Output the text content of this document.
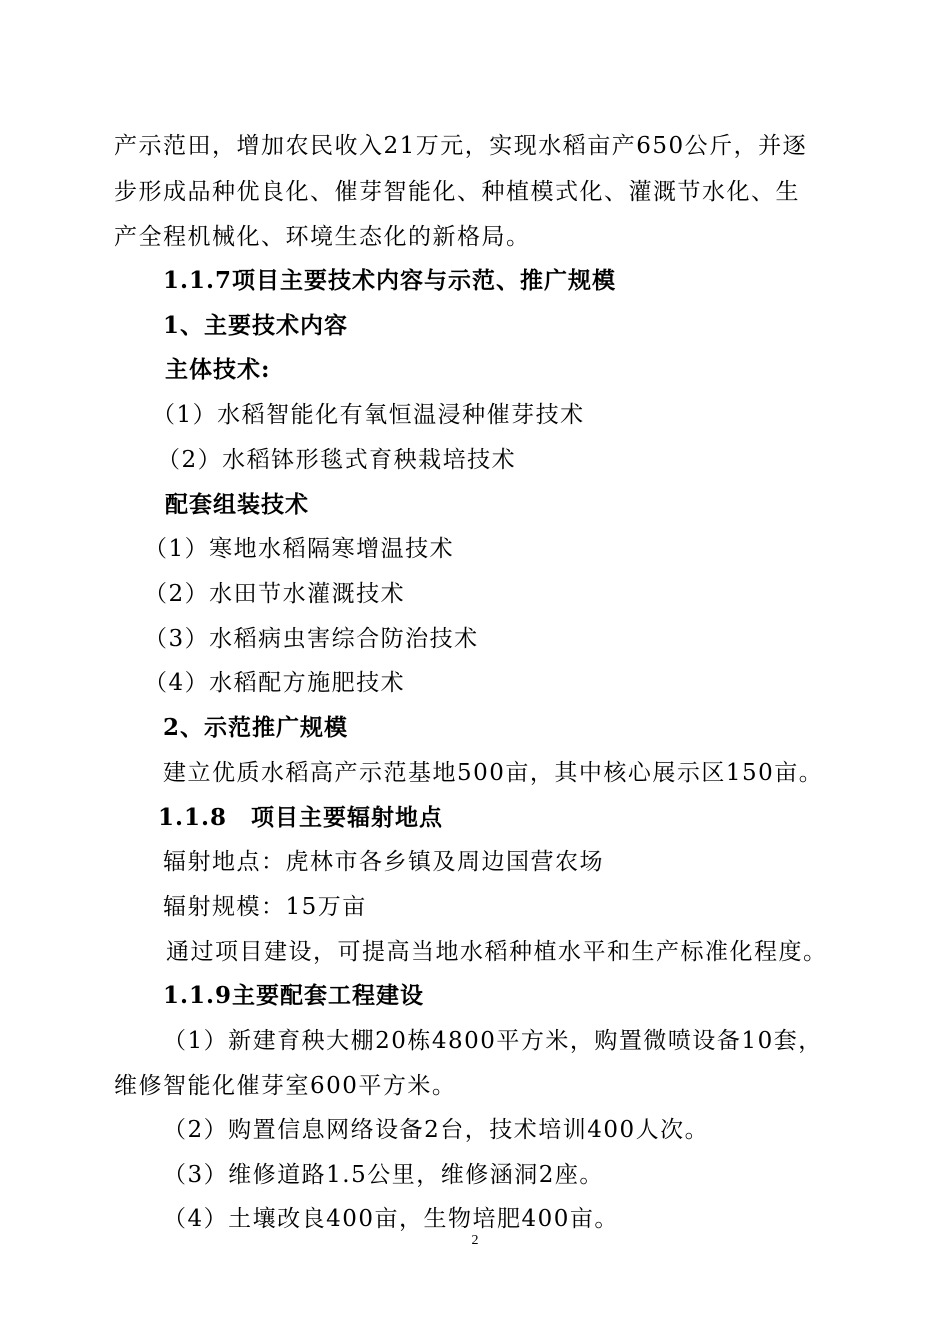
产示范田，增加农民收入21万元，实现水稻亩产650公斤，并逐
步形成品种优良化、催芽智能化、种植模式化、灌溉节水化、生
产全程机械化、环境生态化的新格局。
1.1.7项目主要技术内容与示范、推广规模
1、主要技术内容
主体技术:
（1）水稻智能化有氧恒温浸种催芽技术
（2）水稻钵形毯式育秧栽培技术
配套组装技术
（1）寒地水稻隔寒增温技术
（2）水田节水灌溉技术
（3）水稻病虫害综合防治技术
（4）水稻配方施肥技术
2、示范推广规模
建立优质水稻高产示范基地500亩，其中核心展示区150亩。
1.1.8　项目主要辐射地点
辐射地点：虎林市各乡镇及周边国营农场
辐射规模：15万亩
通过项目建设，可提高当地水稻种植水平和生产标准化程度。
1.1.9主要配套工程建设
（1）新建育秧大棚20栋4800平方米，购置微喷设备10套，
维修智能化催芽室600平方米。
（2）购置信息网络设备2台，技术培训400人次。
（3）维修道路1.5公里，维修涵洞2座。
（4）土壤改良400亩，生物培肥400亩。
2
